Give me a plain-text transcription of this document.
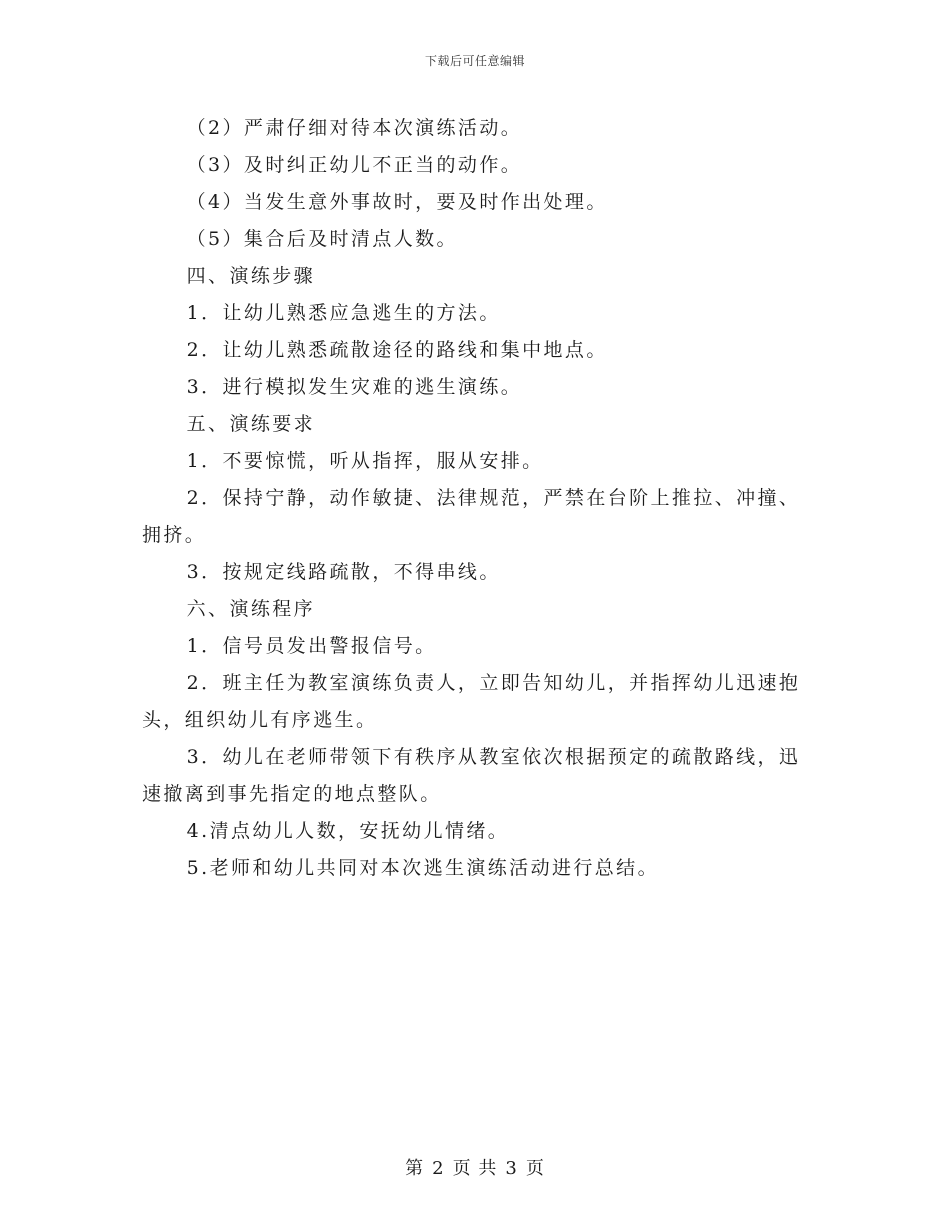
下载后可任意编辑

（2）严肃仔细对待本次演练活动。

（3）及时纠正幼儿不正当的动作。

（4）当发生意外事故时，要及时作出处理。

（5）集合后及时清点人数。

四、演练步骤

1．让幼儿熟悉应急逃生的方法。

2．让幼儿熟悉疏散途径的路线和集中地点。

3．进行模拟发生灾难的逃生演练。

五、演练要求

1．不要惊慌，听从指挥，服从安排。

2．保持宁静，动作敏捷、法律规范，严禁在台阶上推拉、冲撞、拥挤。

3．按规定线路疏散，不得串线。

六、演练程序

1．信号员发出警报信号。

2．班主任为教室演练负责人，立即告知幼儿，并指挥幼儿迅速抱头，组织幼儿有序逃生。

3．幼儿在老师带领下有秩序从教室依次根据预定的疏散路线，迅速撤离到事先指定的地点整队。

4.清点幼儿人数，安抚幼儿情绪。

5.老师和幼儿共同对本次逃生演练活动进行总结。

第 2 页 共 3 页
